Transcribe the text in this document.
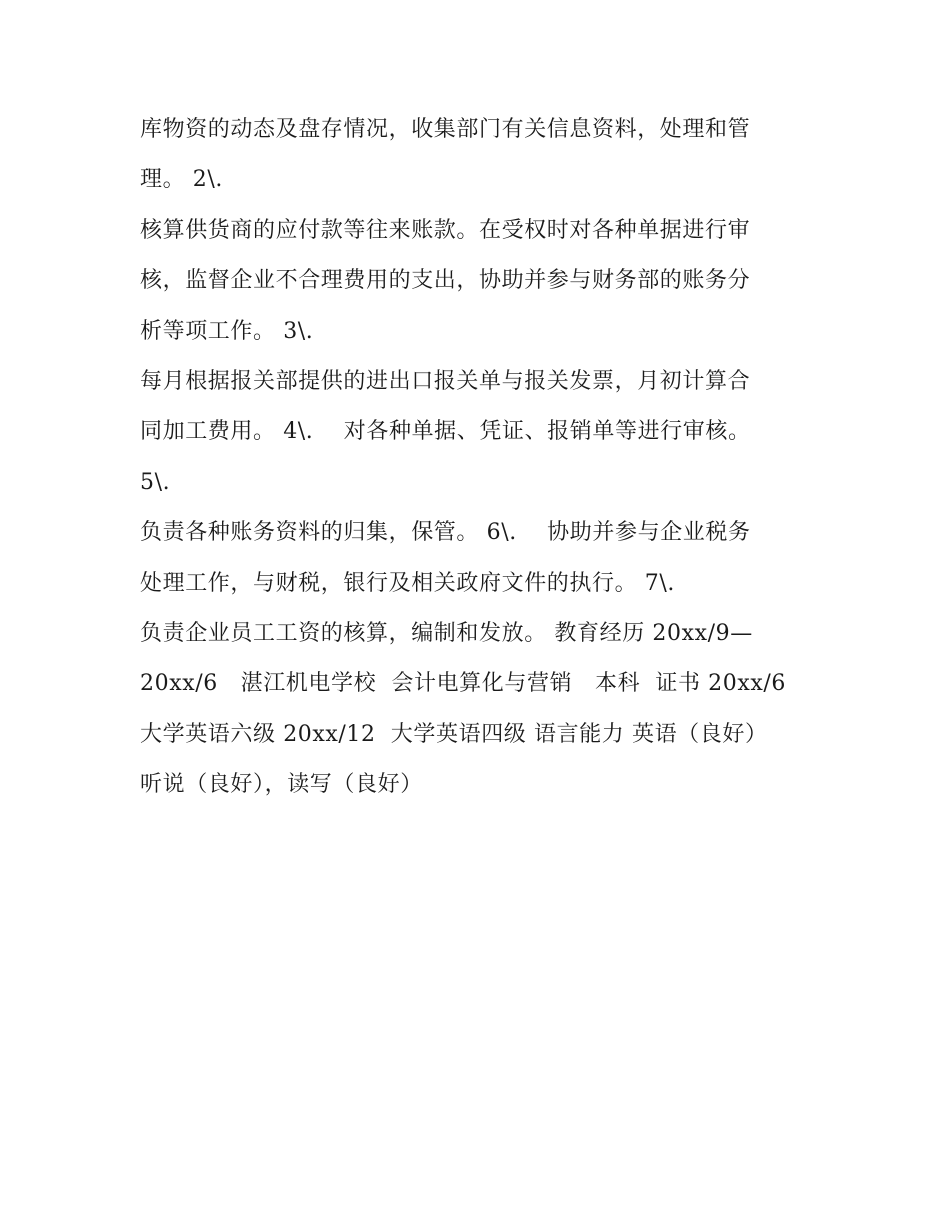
库物资的动态及盘存情况，收集部门有关信息资料，处理和管
理。 2\.
核算供货商的应付款等往来账款。在受权时对各种单据进行审
核，监督企业不合理费用的支出，协助并参与财务部的账务分
析等项工作。 3\.
每月根据报关部提供的进出口报关单与报关发票，月初计算合
同加工费用。 4\.    对各种单据、凭证、报销单等进行审核。
5\.
负责各种账务资料的归集，保管。 6\.    协助并参与企业税务
处理工作，与财税，银行及相关政府文件的执行。 7\.
负责企业员工工资的核算，编制和发放。 教育经历 20xx/9—
20xx/6   湛江机电学校  会计电算化与营销   本科  证书 20xx/6
大学英语六级 20xx/12  大学英语四级 语言能力 英语（良好）
听说（良好），读写（良好）
